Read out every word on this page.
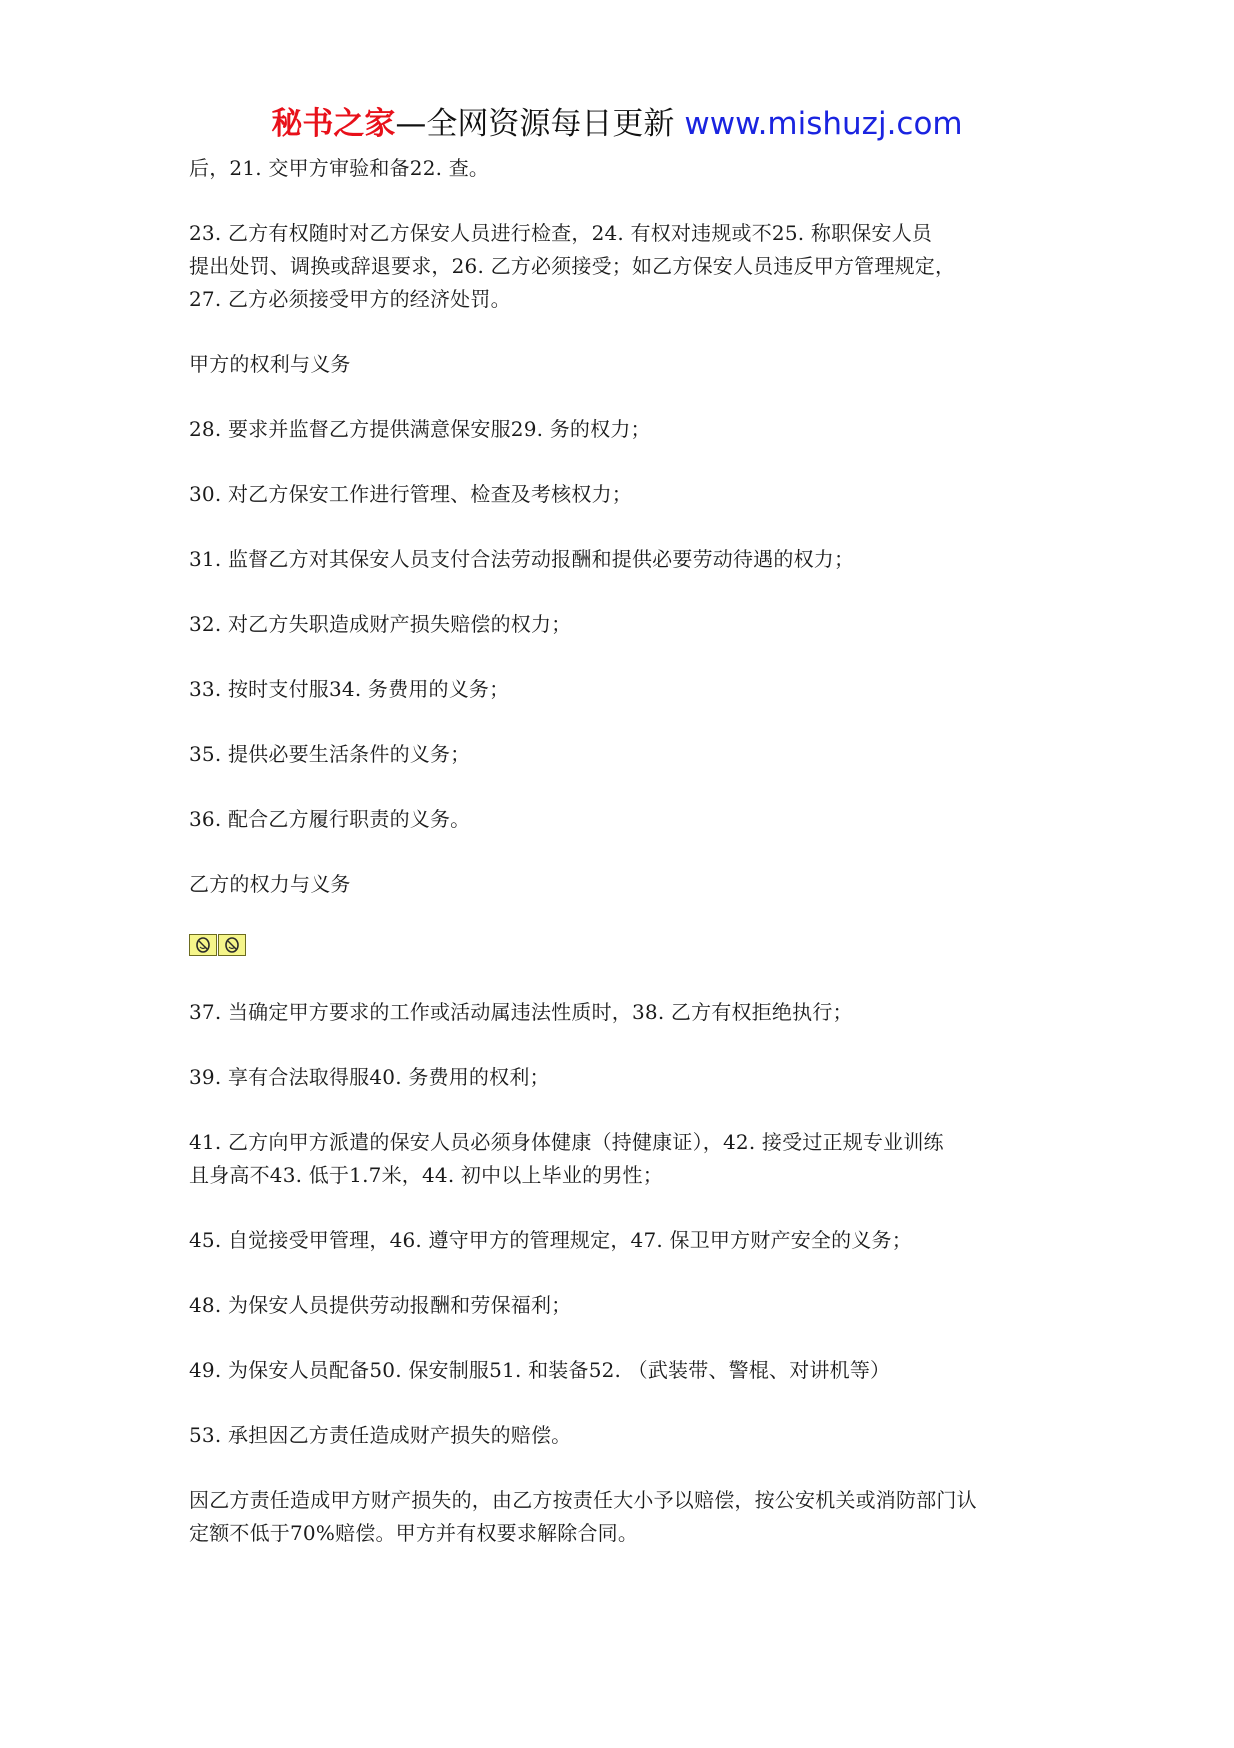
秘书之家—全网资源每日更新 www.mishuzj.com

后，21. 交甲方审验和备22. 查。

23. 乙方有权随时对乙方保安人员进行检查，24. 有权对违规或不25. 称职保安人员
提出处罚、调换或辞退要求，26. 乙方必须接受；如乙方保安人员违反甲方管理规定，
27. 乙方必须接受甲方的经济处罚。

甲方的权利与义务

28. 要求并监督乙方提供满意保安服29. 务的权力；

30. 对乙方保安工作进行管理、检查及考核权力；

31. 监督乙方对其保安人员支付合法劳动报酬和提供必要劳动待遇的权力；

32. 对乙方失职造成财产损失赔偿的权力；

33. 按时支付服34. 务费用的义务；

35. 提供必要生活条件的义务；

36. 配合乙方履行职责的义务。

乙方的权力与义务

37. 当确定甲方要求的工作或活动属违法性质时，38. 乙方有权拒绝执行；

39. 享有合法取得服40. 务费用的权利；

41. 乙方向甲方派遣的保安人员必须身体健康（持健康证），42. 接受过正规专业训练
且身高不43. 低于1.7米，44. 初中以上毕业的男性；

45. 自觉接受甲管理，46. 遵守甲方的管理规定，47. 保卫甲方财产安全的义务；

48. 为保安人员提供劳动报酬和劳保福利；

49. 为保安人员配备50. 保安制服51. 和装备52. （武装带、警棍、对讲机等）

53. 承担因乙方责任造成财产损失的赔偿。

因乙方责任造成甲方财产损失的，由乙方按责任大小予以赔偿，按公安机关或消防部门认
定额不低于70%赔偿。甲方并有权要求解除合同。
